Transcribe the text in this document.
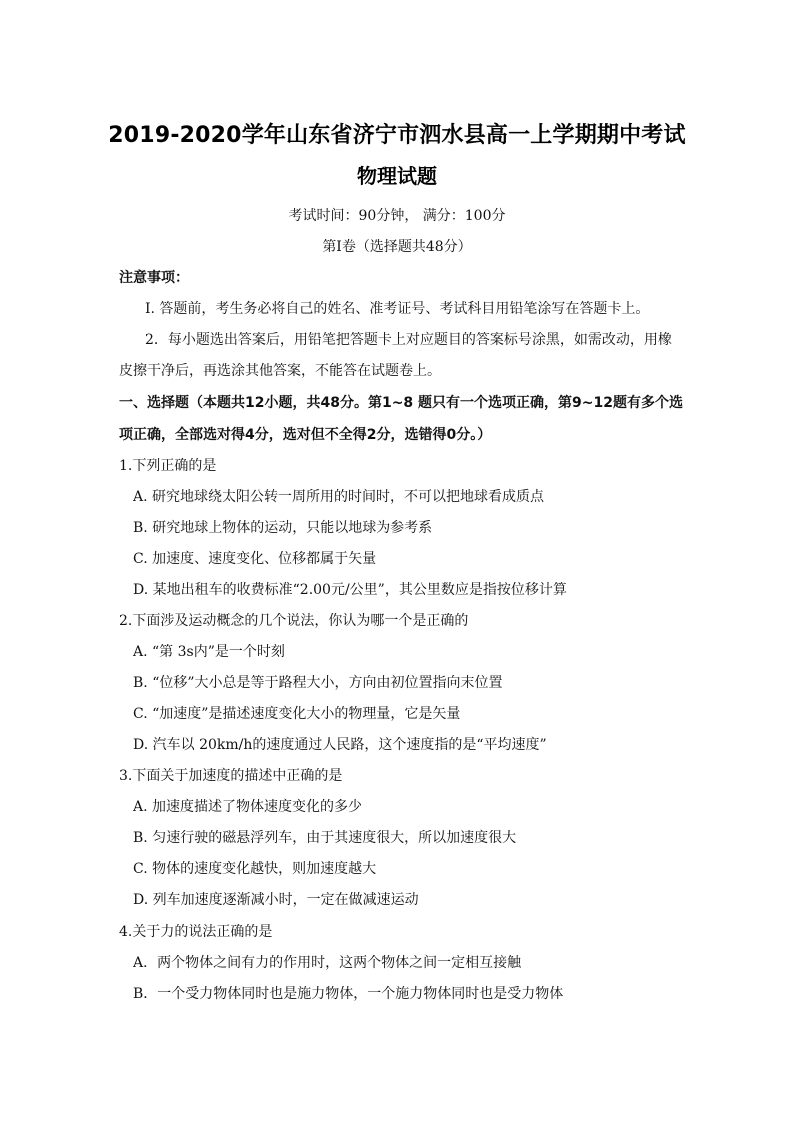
2019-2020学年山东省济宁市泗水县高一上学期期中考试
物理试题
考试时间：90分钟， 满分：100分
第Ⅰ卷（选择题共48分）
注意事项：
Ⅰ. 答题前，考生务必将自己的姓名、准考证号、考试科目用铅笔涂写在答题卡上。
2．每小题选出答案后，用铅笔把答题卡上对应题目的答案标号涂黑，如需改动，用橡
皮擦干净后，再选涂其他答案，不能答在试题卷上。
一、选择题（本题共12小题，共48分。第1~8 题只有一个选项正确，第9~12题有多个选
项正确，全部选对得4分，选对但不全得2分，选错得0分。）
1.下列正确的是
A. 研究地球绕太阳公转一周所用的时间时，不可以把地球看成质点
B. 研究地球上物体的运动，只能以地球为参考系
C. 加速度、速度变化、位移都属于矢量
D. 某地出租车的收费标准“2.00元/公里”，其公里数应是指按位移计算
2.下面涉及运动概念的几个说法，你认为哪一个是正确的
A. “第 3s内”是一个时刻
B. “位移”大小总是等于路程大小，方向由初位置指向末位置
C. “加速度”是描述速度变化大小的物理量，它是矢量
D. 汽车以 20km/h的速度通过人民路，这个速度指的是“平均速度”
3.下面关于加速度的描述中正确的是
A. 加速度描述了物体速度变化的多少
B. 匀速行驶的磁悬浮列车，由于其速度很大，所以加速度很大
C. 物体的速度变化越快，则加速度越大
D. 列车加速度逐渐减小时，一定在做减速运动
4.关于力的说法正确的是
A．两个物体之间有力的作用时，这两个物体之间一定相互接触
B．一个受力物体同时也是施力物体，一个施力物体同时也是受力物体
